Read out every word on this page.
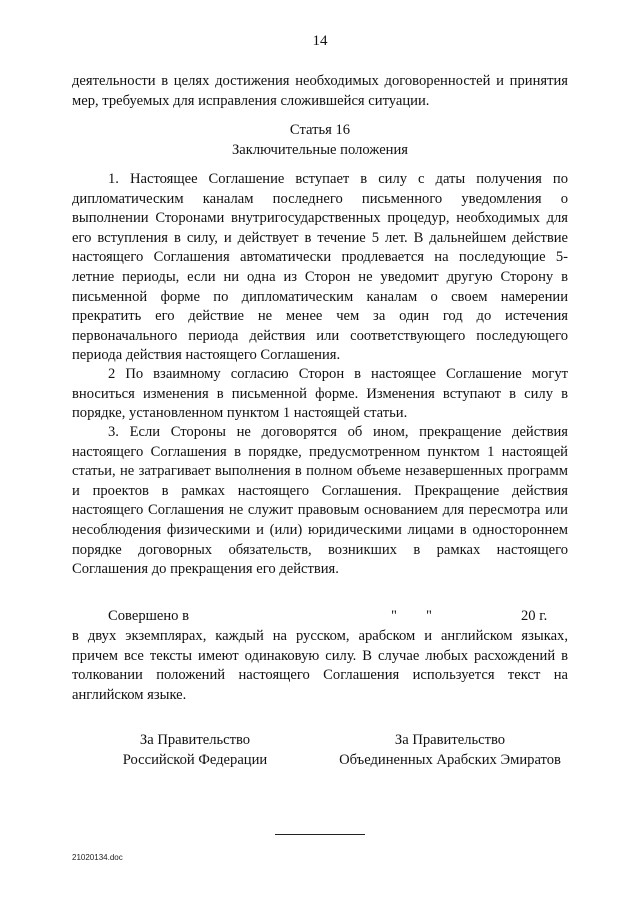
14

деятельности в целях достижения необходимых договоренностей и принятия мер, требуемых для исправления сложившейся ситуации.

Статья 16
Заключительные положения

1. Настоящее Соглашение вступает в силу с даты получения по дипломатическим каналам последнего письменного уведомления о выполнении Сторонами внутригосударственных процедур, необходимых для его вступления в силу, и действует в течение 5 лет. В дальнейшем действие настоящего Соглашения автоматически продлевается на последующие 5-летние периоды, если ни одна из Сторон не уведомит другую Сторону в письменной форме по дипломатическим каналам о своем намерении прекратить его действие не менее чем за один год до истечения первоначального периода действия или соответствующего последующего периода действия настоящего Соглашения.

2 По взаимному согласию Сторон в настоящее Соглашение могут вноситься изменения в письменной форме. Изменения вступают в силу в порядке, установленном пунктом 1 настоящей статьи.

3. Если Стороны не договорятся об ином, прекращение действия настоящего Соглашения в порядке, предусмотренном пунктом 1 настоящей статьи, не затрагивает выполнения в полном объеме незавершенных программ и проектов в рамках настоящего Соглашения. Прекращение действия настоящего Соглашения не служит правовым основанием для пересмотра или несоблюдения физическими и (или) юридическими лицами в одностороннем порядке договорных обязательств, возникших в рамках настоящего Соглашения до прекращения его действия.

Совершено в	" "	20 г.

в двух экземплярах, каждый на русском, арабском и английском языках, причем все тексты имеют одинаковую силу. В случае любых расхождений в толковании положений настоящего Соглашения используется текст на английском языке.

За Правительство
Российской Федерации
За Правительство
Объединенных Арабских Эмиратов
21020134.doc
